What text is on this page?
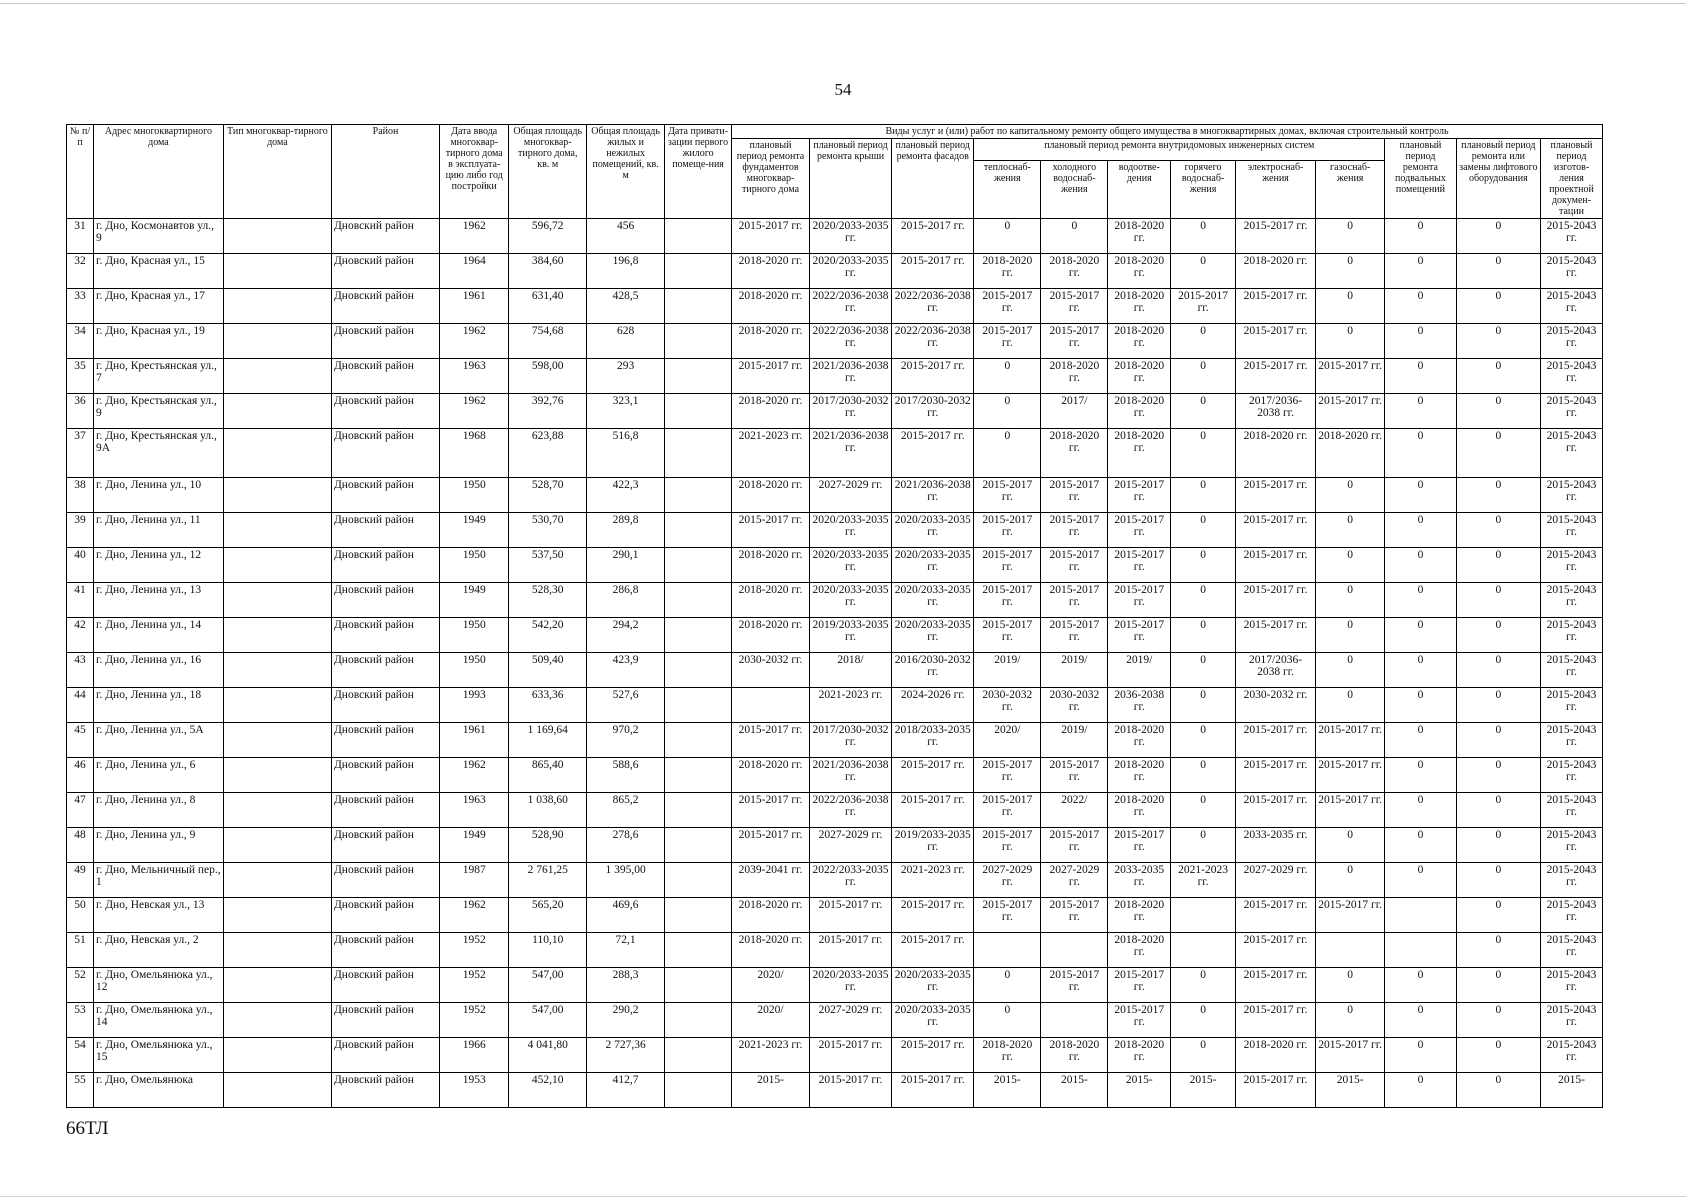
54
№ п/п	Адрес многоквартирного дома	Тип многоквар-тирного дома	Район	Дата ввода многоквар-тирного дома в эксплуата-цию либо год постройки	Общая площадь многоквар-тирного дома, кв. м	Общая площадь жилых и нежилых помещений, кв. м	Дата привати-зации первого жилого помеще-ния	Виды услуг и (или) работ по капитальному ремонту общего имущества в многоквартирных домах, включая строительный контроль											
								плановый период ремонта фундаментов многоквар-тирного дома	плановый период ремонта крыши	плановый период ремонта фасадов	плановый период ремонта внутридомовых инженерных систем						плановый период ремонта подвальных помещений	плановый период ремонта или замены лифтового оборудования	плановый период изготов-ления проектной докумен-тации
											теплоснаб-жения	холодного водоснаб-жения	водоотве-дения	горячего водоснаб-жения	электроснаб-жения	газоснаб-жения			
31	г. Дно, Космонавтов ул., 9		Дновский район	1962	596,72	456		2015-2017 гг.	2020/2033-2035 гг.	2015-2017 гг.	0	0	2018-2020 гг.	0	2015-2017 гг.	0	0	0	2015-2043 гг.
32	г. Дно, Красная ул., 15		Дновский район	1964	384,60	196,8		2018-2020 гг.	2020/2033-2035 гг.	2015-2017 гг.	2018-2020 гг.	2018-2020 гг.	2018-2020 гг.	0	2018-2020 гг.	0	0	0	2015-2043 гг.
33	г. Дно, Красная ул., 17		Дновский район	1961	631,40	428,5		2018-2020 гг.	2022/2036-2038 гг.	2022/2036-2038 гг.	2015-2017 гг.	2015-2017 гг.	2018-2020 гг.	2015-2017 гг.	2015-2017 гг.	0	0	0	2015-2043 гг.
34	г. Дно, Красная ул., 19		Дновский район	1962	754,68	628		2018-2020 гг.	2022/2036-2038 гг.	2022/2036-2038 гг.	2015-2017 гг.	2015-2017 гг.	2018-2020 гг.	0	2015-2017 гг.	0	0	0	2015-2043 гг.
35	г. Дно, Крестьянская ул., 7		Дновский район	1963	598,00	293		2015-2017 гг.	2021/2036-2038 гг.	2015-2017 гг.	0	2018-2020 гг.	2018-2020 гг.	0	2015-2017 гг.	2015-2017 гг.	0	0	2015-2043 гг.
36	г. Дно, Крестьянская ул., 9		Дновский район	1962	392,76	323,1		2018-2020 гг.	2017/2030-2032 гг.	2017/2030-2032 гг.	0	2017/	2018-2020 гг.	0	2017/2036-2038 гг.	2015-2017 гг.	0	0	2015-2043 гг.
37	г. Дно, Крестьянская ул., 9А		Дновский район	1968	623,88	516,8		2021-2023 гг.	2021/2036-2038 гг.	2015-2017 гг.	0	2018-2020 гг.	2018-2020 гг.	0	2018-2020 гг.	2018-2020 гг.	0	0	2015-2043 гг.
38	г. Дно, Ленина ул., 10		Дновский район	1950	528,70	422,3		2018-2020 гг.	2027-2029 гг.	2021/2036-2038 гг.	2015-2017 гг.	2015-2017 гг.	2015-2017 гг.	0	2015-2017 гг.	0	0	0	2015-2043 гг.
39	г. Дно, Ленина ул., 11		Дновский район	1949	530,70	289,8		2015-2017 гг.	2020/2033-2035 гг.	2020/2033-2035 гг.	2015-2017 гг.	2015-2017 гг.	2015-2017 гг.	0	2015-2017 гг.	0	0	0	2015-2043 гг.
40	г. Дно, Ленина ул., 12		Дновский район	1950	537,50	290,1		2018-2020 гг.	2020/2033-2035 гг.	2020/2033-2035 гг.	2015-2017 гг.	2015-2017 гг.	2015-2017 гг.	0	2015-2017 гг.	0	0	0	2015-2043 гг.
41	г. Дно, Ленина ул., 13		Дновский район	1949	528,30	286,8		2018-2020 гг.	2020/2033-2035 гг.	2020/2033-2035 гг.	2015-2017 гг.	2015-2017 гг.	2015-2017 гг.	0	2015-2017 гг.	0	0	0	2015-2043 гг.
42	г. Дно, Ленина ул., 14		Дновский район	1950	542,20	294,2		2018-2020 гг.	2019/2033-2035 гг.	2020/2033-2035 гг.	2015-2017 гг.	2015-2017 гг.	2015-2017 гг.	0	2015-2017 гг.	0	0	0	2015-2043 гг.
43	г. Дно, Ленина ул., 16		Дновский район	1950	509,40	423,9		2030-2032 гг.	2018/	2016/2030-2032 гг.	2019/	2019/	2019/	0	2017/2036-2038 гг.	0	0	0	2015-2043 гг.
44	г. Дно, Ленина ул., 18		Дновский район	1993	633,36	527,6			2021-2023 гг.	2024-2026 гг.	2030-2032 гг.	2030-2032 гг.	2036-2038 гг.	0	2030-2032 гг.	0	0	0	2015-2043 гг.
45	г. Дно, Ленина ул., 5А		Дновский район	1961	1 169,64	970,2		2015-2017 гг.	2017/2030-2032 гг.	2018/2033-2035 гг.	2020/	2019/	2018-2020 гг.	0	2015-2017 гг.	2015-2017 гг.	0	0	2015-2043 гг.
46	г. Дно, Ленина ул., 6		Дновский район	1962	865,40	588,6		2018-2020 гг.	2021/2036-2038 гг.	2015-2017 гг.	2015-2017 гг.	2015-2017 гг.	2018-2020 гг.	0	2015-2017 гг.	2015-2017 гг.	0	0	2015-2043 гг.
47	г. Дно, Ленина ул., 8		Дновский район	1963	1 038,60	865,2		2015-2017 гг.	2022/2036-2038 гг.	2015-2017 гг.	2015-2017 гг.	2022/	2018-2020 гг.	0	2015-2017 гг.	2015-2017 гг.	0	0	2015-2043 гг.
48	г. Дно, Ленина ул., 9		Дновский район	1949	528,90	278,6		2015-2017 гг.	2027-2029 гг.	2019/2033-2035 гг.	2015-2017 гг.	2015-2017 гг.	2015-2017 гг.	0	2033-2035 гг.	0	0	0	2015-2043 гг.
49	г. Дно, Мельничный пер., 1		Дновский район	1987	2 761,25	1 395,00		2039-2041 гг.	2022/2033-2035 гг.	2021-2023 гг.	2027-2029 гг.	2027-2029 гг.	2033-2035 гг.	2021-2023 гг.	2027-2029 гг.	0	0	0	2015-2043 гг.
50	г. Дно, Невская ул., 13		Дновский район	1962	565,20	469,6		2018-2020 гг.	2015-2017 гг.	2015-2017 гг.	2015-2017 гг.	2015-2017 гг.	2018-2020 гг.		2015-2017 гг.	2015-2017 гг.		0	2015-2043 гг.
51	г. Дно, Невская ул., 2		Дновский район	1952	110,10	72,1		2018-2020 гг.	2015-2017 гг.	2015-2017 гг.			2018-2020 гг.		2015-2017 гг.			0	2015-2043 гг.
52	г. Дно, Омельянюка ул., 12		Дновский район	1952	547,00	288,3		2020/	2020/2033-2035 гг.	2020/2033-2035 гг.	0	2015-2017 гг.	2015-2017 гг.	0	2015-2017 гг.	0	0	0	2015-2043 гг.
53	г. Дно, Омельянюка ул., 14		Дновский район	1952	547,00	290,2		2020/	2027-2029 гг.	2020/2033-2035 гг.	0		2015-2017 гг.	0	2015-2017 гг.	0	0	0	2015-2043 гг.
54	г. Дно, Омельянюка ул., 15		Дновский район	1966	4 041,80	2 727,36		2021-2023 гг.	2015-2017 гг.	2015-2017 гг.	2018-2020 гг.	2018-2020 гг.	2018-2020 гг.	0	2018-2020 гг.	2015-2017 гг.	0	0	2015-2043 гг.
55	г. Дно, Омельянюка		Дновский район	1953	452,10	412,7		2015-	2015-2017 гг.	2015-2017 гг.	2015-	2015-	2015-	2015-	2015-2017 гг.	2015-	0	0	2015-
66ТЛ
